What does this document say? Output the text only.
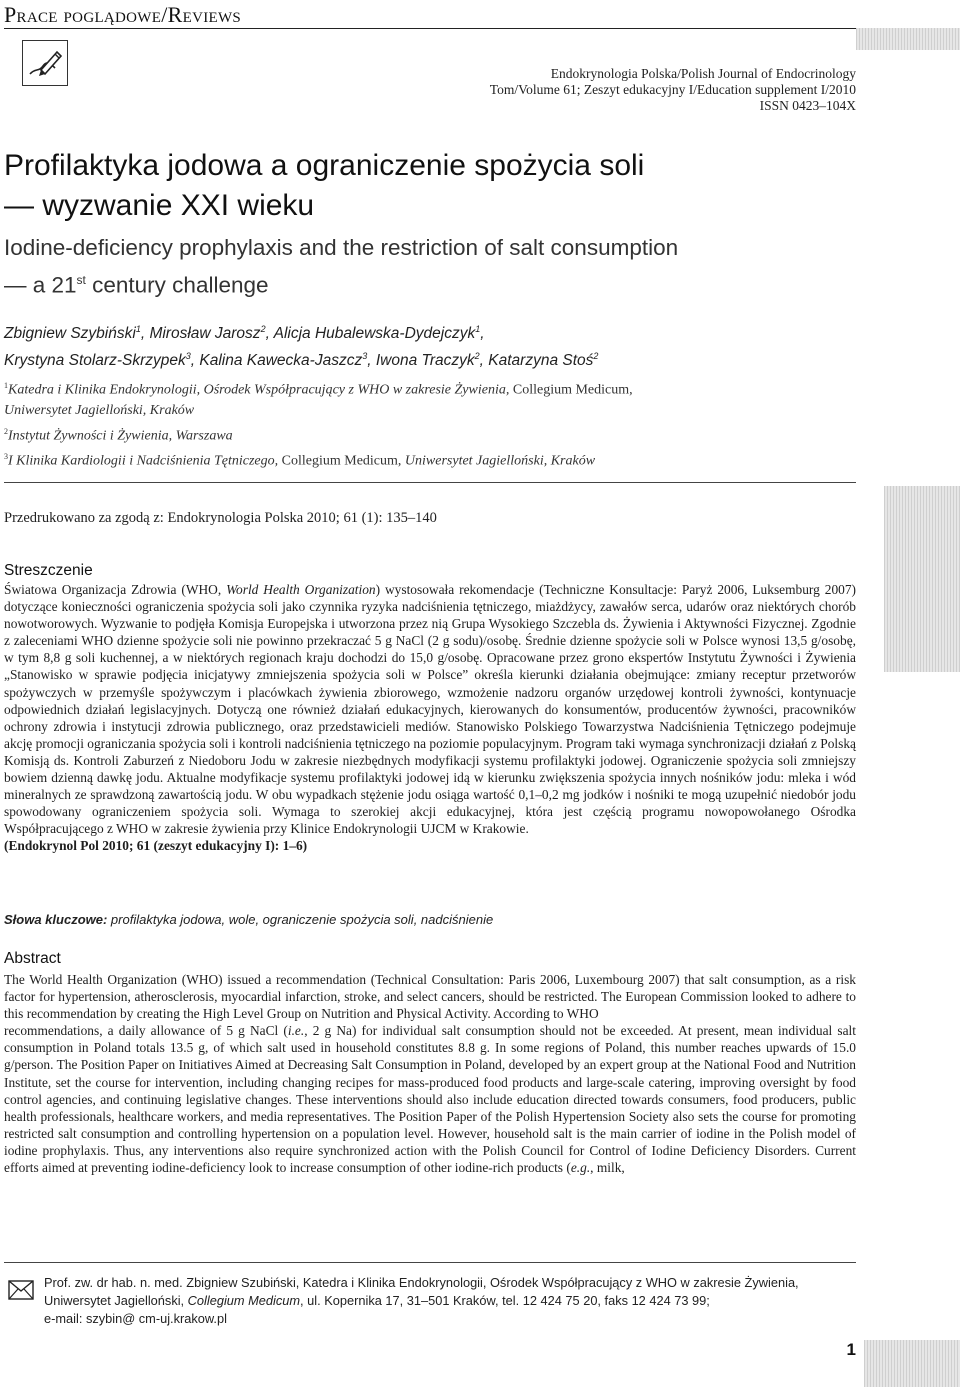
Prace poglądowe/Reviews
Endokrynologia Polska/Polish Journal of Endocrinology
Tom/Volume 61; Zeszyt edukacyjny I/Education supplement I/2010
ISSN 0423–104X
Profilaktyka jodowa a ograniczenie spożycia soli
— wyzwanie XXI wieku
Iodine-deficiency prophylaxis and the restriction of salt consumption
— a 21st century challenge
Zbigniew Szybiński$^1$, Mirosław Jarosz$^2$, Alicja Hubalewska-Dydejczyk$^1$,
Krystyna Stolarz-Skrzypek$^3$, Kalina Kawecka-Jaszcz$^3$, Iwona Traczyk$^2$, Katarzyna Stoś$^2$
$^1$Katedra i Klinika Endokrynologii, Ośrodek Współpracujący z WHO w zakresie Żywienia, Collegium Medicum,
Uniwersytet Jagielloński, Kraków
$^2$Instytut Żywności i Żywienia, Warszawa
$^3$I Klinika Kardiologii i Nadciśnienia Tętniczego, Collegium Medicum, Uniwersytet Jagielloński, Kraków
Przedrukowano za zgodą z: Endokrynologia Polska 2010; 61 (1): 135–140
Streszczenie
Światowa Organizacja Zdrowia (WHO, World Health Organization) wystosowała rekomendacje (Techniczne Konsultacje: Paryż 2006, Luksemburg 2007) dotyczące konieczności ograniczenia spożycia soli jako czynnika ryzyka nadciśnienia tętniczego, miażdżycy, zawałów serca, udarów oraz niektórych chorób nowotworowych. Wyzwanie to podjęła Komisja Europejska i utworzona przez nią Grupa Wysokiego Szczebla ds. Żywienia i Aktywności Fizycznej. Zgodnie z zaleceniami WHO dzienne spożycie soli nie powinno przekraczać 5 g NaCl (2 g sodu)/osobę. Średnie dzienne spożycie soli w Polsce wynosi 13,5 g/osobę, w tym 8,8 g soli kuchennej, a w niektórych regionach kraju dochodzi do 15,0 g/osobę. Opracowane przez grono ekspertów Instytutu Żywności i Żywienia „Stanowisko w sprawie podjęcia inicjatywy zmniejszenia spożycia soli w Polsce” określa kierunki działania obejmujące: zmiany receptur przetworów spożywczych w przemyśle spożywczym i placówkach żywienia zbiorowego, wzmożenie nadzoru organów urzędowej kontroli żywności, kontynuacje odpowiednich działań legislacyjnych. Dotyczą one również działań edukacyjnych, kierowanych do konsumentów, producentów żywności, pracowników ochrony zdrowia i instytucji zdrowia publicznego, oraz przedstawicieli mediów. Stanowisko Polskiego Towarzystwa Nadciśnienia Tętniczego podejmuje akcję promocji ograniczania spożycia soli i kontroli nadciśnienia tętniczego na poziomie populacyjnym. Program taki wymaga synchronizacji działań z Polską Komisją ds. Kontroli Zaburzeń z Niedoboru Jodu w zakresie niezbędnych modyfikacji systemu profilaktyki jodowej. Ograniczenie spożycia soli zmniejszy bowiem dzienną dawkę jodu. Aktualne modyfikacje systemu profilaktyki jodowej idą w kierunku zwiększenia spożycia innych nośników jodu: mleka i wód mineralnych ze sprawdzoną zawartością jodu. W obu wypadkach stężenie jodu osiąga wartość 0,1–0,2 mg jodków i nośniki te mogą uzupełnić niedobór jodu spowodowany ograniczeniem spożycia soli. Wymaga to szerokiej akcji edukacyjnej, która jest częścią programu nowopowołanego Ośrodka Współpracującego z WHO w zakresie żywienia przy Klinice Endokrynologii UJCM w Krakowie.
(Endokrynol Pol 2010; 61 (zeszyt edukacyjny I): 1–6)
Słowa kluczowe: profilaktyka jodowa, wole, ograniczenie spożycia soli, nadciśnienie
Abstract
The World Health Organization (WHO) issued a recommendation (Technical Consultation: Paris 2006, Luxembourg 2007) that salt consumption, as a risk factor for hypertension, atherosclerosis, myocardial infarction, stroke, and select cancers, should be restricted. The European Commission looked to adhere to this recommendation by creating the High Level Group on Nutrition and Physical Activity. According to WHO
recommendations, a daily allowance of 5 g NaCl (i.e., 2 g Na) for individual salt consumption should not be exceeded. At present, mean individual salt consumption in Poland totals 13.5 g, of which salt used in household constitutes 8.8 g. In some regions of Poland, this number reaches upwards of 15.0 g/person. The Position Paper on Initiatives Aimed at Decreasing Salt Consumption in Poland, developed by an expert group at the National Food and Nutrition Institute, set the course for intervention, including changing recipes for mass-produced food products and large-scale catering, improving oversight by food control agencies, and continuing legislative changes. These interventions should also include education directed towards consumers, food producers, public health professionals, healthcare workers, and media representatives. The Position Paper of the Polish Hypertension Society also sets the course for promoting restricted salt consumption and controlling hypertension on a population level. However, household salt is the main carrier of iodine in the Polish model of iodine prophylaxis. Thus, any interventions also require synchronized action with the Polish Council for Control of Iodine Deficiency Disorders. Current efforts aimed at preventing iodine-deficiency look to increase consumption of other iodine-rich products (e.g., milk,
Prof. zw. dr hab. n. med. Zbigniew Szubiński, Katedra i Klinika Endokrynologii, Ośrodek Współpracujący z WHO w zakresie Żywienia,
Uniwersytet Jagielloński, Collegium Medicum, ul. Kopernika 17, 31–501 Kraków, tel. 12 424 75 20, faks 12 424 73 99;
e-mail: szybin@ cm-uj.krakow.pl
1
